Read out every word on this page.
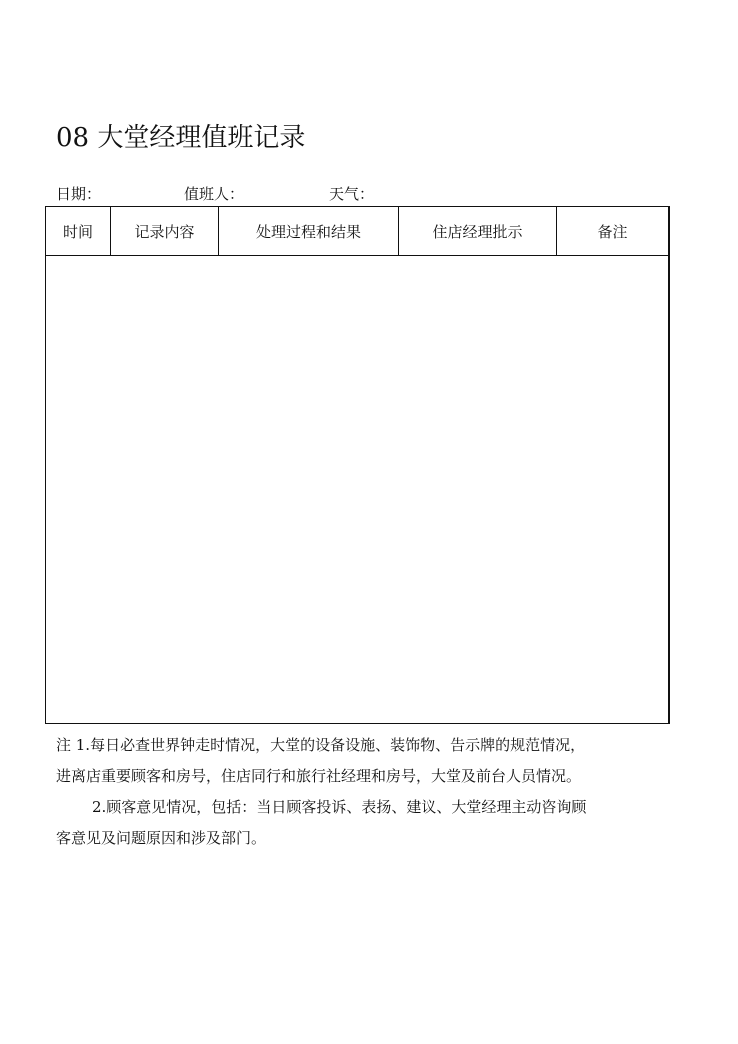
08 大堂经理值班记录
日期：	值班人：	天气：
时间	记录内容	处理过程和结果	住店经理批示	备注
注 1.每日必查世界钟走时情况，大堂的设备设施、装饰物、告示牌的规范情况，
进离店重要顾客和房号，住店同行和旅行社经理和房号，大堂及前台人员情况。
2.顾客意见情况，包括：当日顾客投诉、表扬、建议、大堂经理主动咨询顾
客意见及问题原因和涉及部门。
